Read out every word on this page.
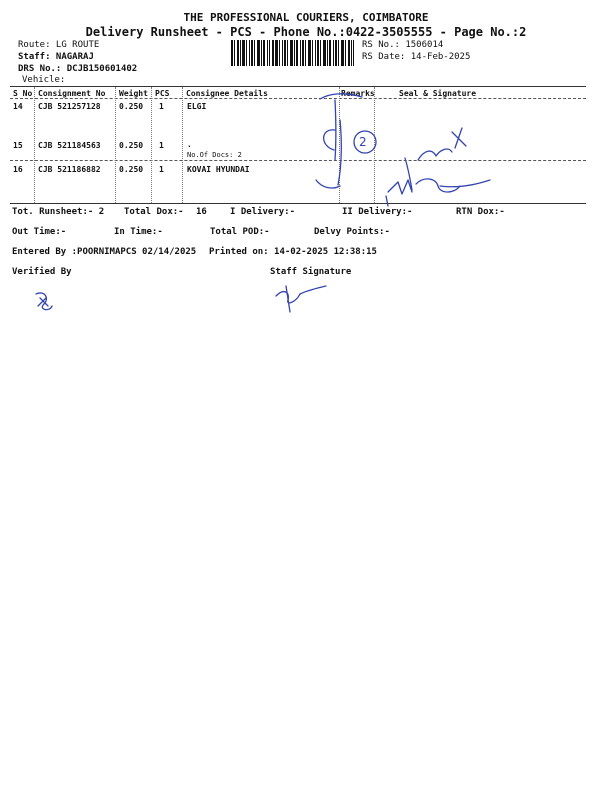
THE PROFESSIONAL COURIERS, COIMBATORE
Delivery Runsheet - PCS - Phone No.:0422-3505555 - Page No.:2
Route: LG ROUTE
Staff: NAGARAJ
DRS No.: DCJB150601402
Vehicle:
RS No.: 1506014
RS Date: 14-Feb-2025
S No Consignment No Weight PCS Consignee Details	Remarks	Seal & Signature
14 CJB 521257128 0.250 1	ELGI
15 CJB 521184563 0.250 1	.
No.Of Docs: 2
16 CJB 521186882 0.250 1	KOVAI HYUNDAI
Tot. Runsheet:- 2 Total Dox:- 16	I Delivery:-	II Delivery:-	RTN Dox:-
Out Time:-	In Time:-	Total POD:-	Delvy Points:-
Entered By :POORNIMAPCS 02/14/2025 Printed on: 14-02-2025 12:38:15
Verified By	Staff Signature
2
